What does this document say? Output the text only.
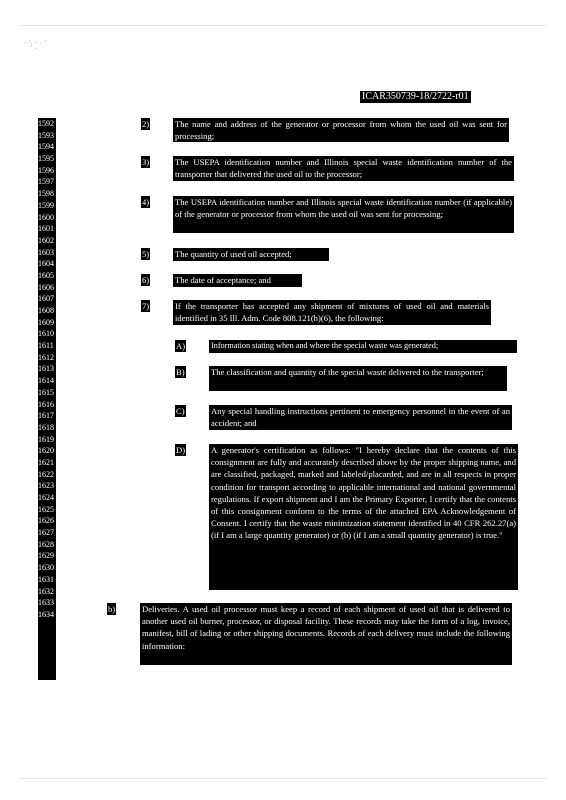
· '. · . '
' .
ICAR350739-18/2722-r01
1592
1593
1594
1595
1596
1597
1598
1599
1600
1601
1602
1603
1604
1605
1606
1607
1608
1609
1610
1611
1612
1613
1614
1615
1616
1617
1618
1619
1620
1621
1622
1623
1624
1625
1626
1627
1628
1629
1630
1631
1632
1633
1634
2)	The name and address of the generator or processor from whom the used oil was sent for processing;
3)	The USEPA identification number and Illinois special waste identification number of the transporter that delivered the used oil to the processor;
4)	The USEPA identification number and Illinois special waste identification number (if applicable) of the generator or processor from whom the used oil was sent for processing;
5)	The quantity of used oil accepted;
6)	The date of acceptance; and
7)	If the transporter has accepted any shipment of mixtures of used oil and materials identified in 35 Ill. Adm. Code 808.121(h)(6), the following:
A)	Information stating when and where the special waste was generated;
B)	The classification and quantity of the special waste delivered to the transporter;
C)	Any special handling instructions pertinent to emergency personnel in the event of an accident; and
D)	A generator's certification as follows: "I hereby declare that the contents of this consignment are fully and accurately described above by the proper shipping name, and are classified, packaged, marked and labeled/placarded, and are in all respects in proper condition for transport according to applicable international and national governmental regulations. If export shipment and I am the Primary Exporter, I certify that the contents of this consignment conform to the terms of the attached EPA Acknowledgement of Consent. I certify that the waste minimization statement identified in 40 CFR 262.27(a) (if I am a large quantity generator) or (b) (if I am a small quantity generator) is true."
b)	Deliveries. A used oil processor must keep a record of each shipment of used oil that is delivered to another used oil burner, processor, or disposal facility. These records may take the form of a log, invoice, manifest, bill of lading or other shipping documents. Records of each delivery must include the following information:
